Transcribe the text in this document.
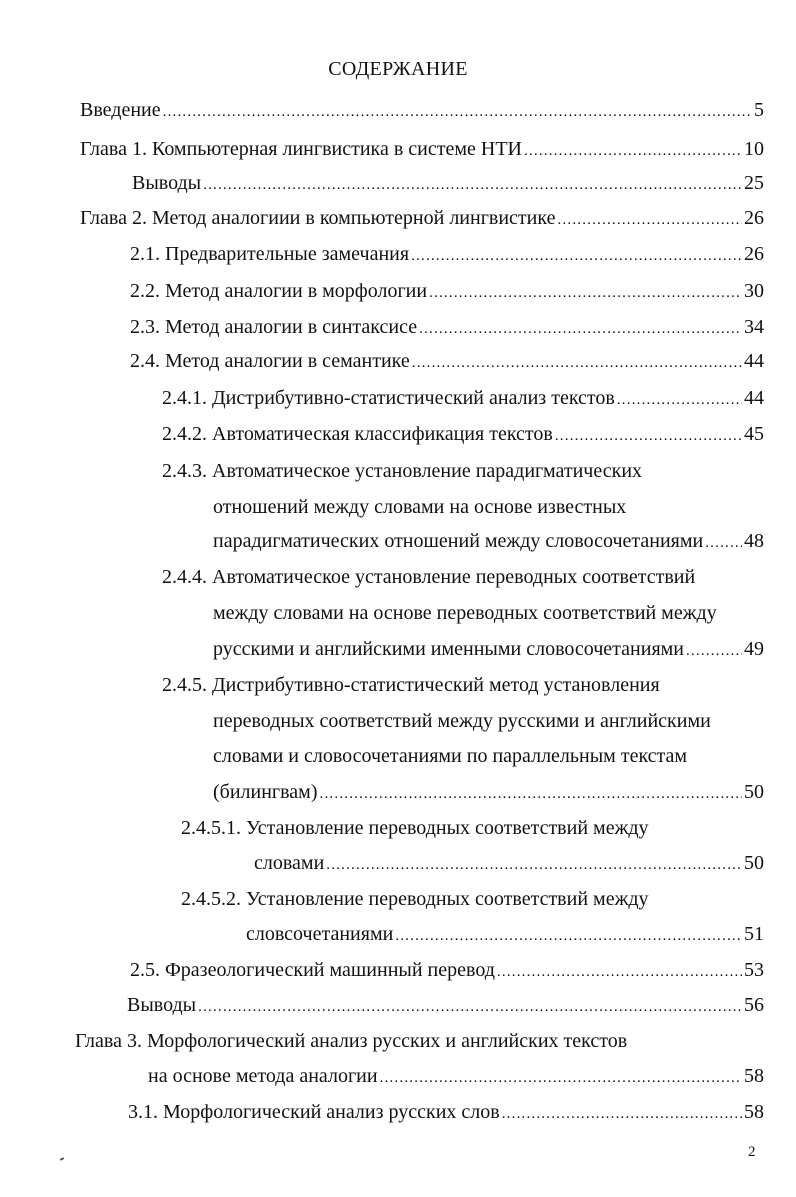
СОДЕРЖАНИЕ
Введение .....	5
Глава 1. Компьютерная лингвистика в системе НТИ .....	10
Выводы .....	25
Глава 2. Метод аналогиии в компьютерной лингвистике .....	26
2.1. Предварительные замечания .....	26
2.2. Метод аналогии в морфологии .....	30
2.3. Метод аналогии в синтаксисе .....	34
2.4. Метод аналогии в семантике .....	44
2.4.1. Дистрибутивно-статистический анализ текстов .....	44
2.4.2. Автоматическая классификация текстов .....	45
2.4.3. Автоматическое установление парадигматических
отношений между словами на основе известных
парадигматических отношений между словосочетаниями ..... 48
2.4.4. Автоматическое установление переводных соответствий
между словами на основе переводных соответствий между
русскими и английскими именными словосочетаниями .....	49
2.4.5. Дистрибутивно-статистический метод установления
переводных соответствий между русскими и английскими
словами и словосочетаниями по параллельным текстам
(билингвам) .....	50
2.4.5.1. Установление переводных соответствий между
словами .....	50
2.4.5.2. Установление переводных соответствий между
словсочетаниями .....	51
2.5. Фразеологический машинный перевод .....	53
Выводы .....	56
Глава 3. Морфологический анализ русских и английских текстов
на основе метода аналогии .....	58
3.1. Морфологический анализ русских слов .....	58
2
